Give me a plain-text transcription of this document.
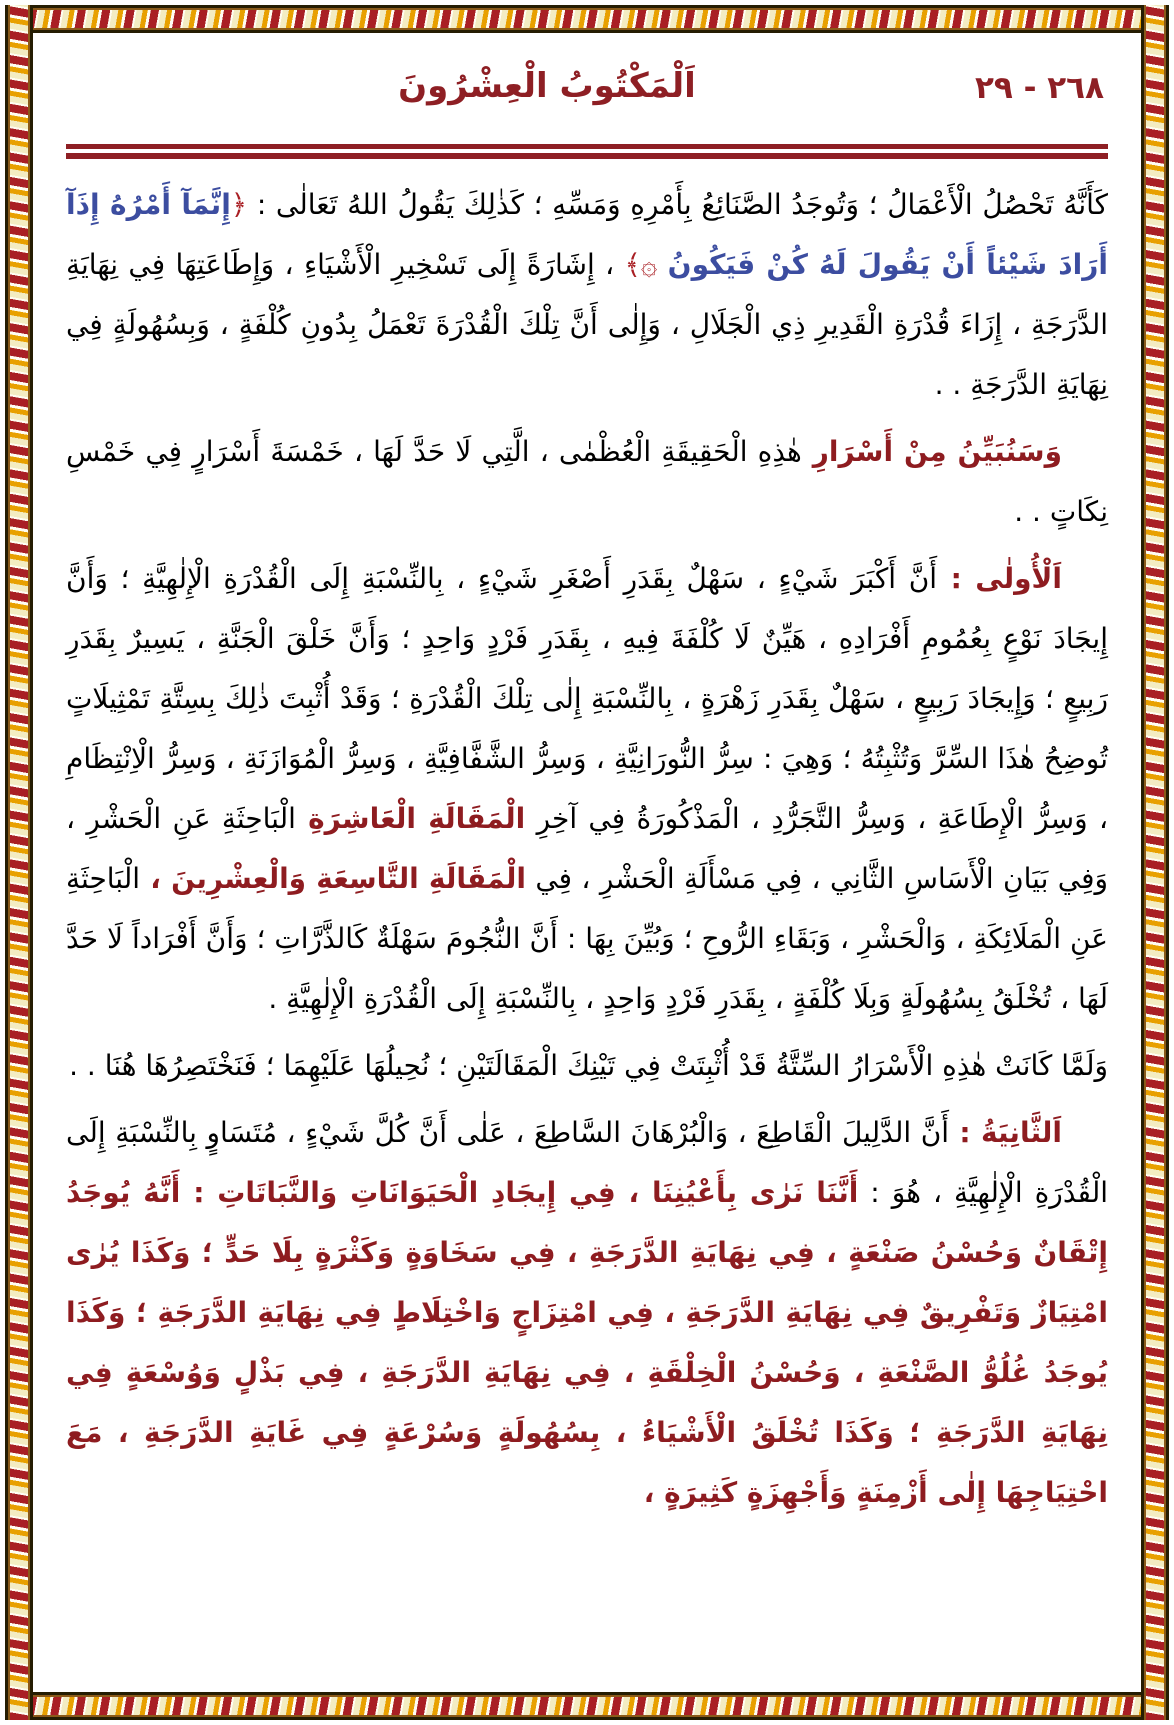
٢٦٨ - ٢٩
اَلْمَكْتُوبُ الْعِشْرُونَ

كَأَنَّهُ تَحْصُلُ الْأَعْمَالُ ؛ وَتُوجَدُ الصَّنَائِعُ بِأَمْرِهِ وَمَسِّهِ ؛ كَذٰلِكَ يَقُولُ اللهُ تَعَالٰى : ﴿إِنَّمَآ أَمْرُهُ إِذَآ أَرَادَ شَيْئاً أَنْ يَقُولَ لَهُ كُنْ فَيَكُونُ ۞﴾ ، إِشَارَةً إِلَى تَسْخِيرِ الْأَشْيَاءِ ، وَإِطَاعَتِهَا فِي نِهَايَةِ الدَّرَجَةِ ، إِزَاءَ قُدْرَةِ الْقَدِيرِ ذِي الْجَلَالِ ، وَإِلٰى أَنَّ تِلْكَ الْقُدْرَةَ تَعْمَلُ بِدُونِ كُلْفَةٍ ، وَبِسُهُولَةٍ فِي نِهَايَةِ الدَّرَجَةِ . .

وَسَنُبَيِّنُ مِنْ أَسْرَارِ هٰذِهِ الْحَقِيقَةِ الْعُظْمٰى ، الَّتِي لَا حَدَّ لَهَا ، خَمْسَةَ أَسْرَارٍ فِي خَمْسِ نِكَاتٍ . .

اَلْأُولٰى : أَنَّ أَكْبَرَ شَيْءٍ ، سَهْلٌ بِقَدَرِ أَصْغَرِ شَيْءٍ ، بِالنِّسْبَةِ إِلَى الْقُدْرَةِ الْإِلٰهِيَّةِ ؛ وَأَنَّ إِيجَادَ نَوْعٍ بِعُمُومِ أَفْرَادِهِ ، هَيِّنٌ لَا كُلْفَةَ فِيهِ ، بِقَدَرِ فَرْدٍ وَاحِدٍ ؛ وَأَنَّ خَلْقَ الْجَنَّةِ ، يَسِيرٌ بِقَدَرِ رَبِيعٍ ؛ وَإِيجَادَ رَبِيعٍ ، سَهْلٌ بِقَدَرِ زَهْرَةٍ ، بِالنِّسْبَةِ إِلٰى تِلْكَ الْقُدْرَةِ ؛ وَقَدْ أُثْبِتَ ذٰلِكَ بِسِتَّةِ تَمْثِيلَاتٍ تُوضِحُ هٰذَا السِّرَّ وَتُثْبِتُهُ ؛ وَهِيَ : سِرُّ النُّورَانِيَّةِ ، وَسِرُّ الشَّفَّافِيَّةِ ، وَسِرُّ الْمُوَازَنَةِ ، وَسِرُّ الْاِنْتِظَامِ ، وَسِرُّ الْإِطَاعَةِ ، وَسِرُّ التَّجَرُّدِ ، الْمَذْكُورَةُ فِي آخِرِ الْمَقَالَةِ الْعَاشِرَةِ الْبَاحِثَةِ عَنِ الْحَشْرِ ، وَفِي بَيَانِ الْأَسَاسِ الثَّانِي ، فِي مَسْأَلَةِ الْحَشْرِ ، فِي الْمَقَالَةِ التَّاسِعَةِ وَالْعِشْرِينَ ، الْبَاحِثَةِ عَنِ الْمَلَائِكَةِ ، وَالْحَشْرِ ، وَبَقَاءِ الرُّوحِ ؛ وَبُيِّنَ بِهَا : أَنَّ النُّجُومَ سَهْلَةٌ كَالذَّرَّاتِ ؛ وَأَنَّ أَفْرَاداً لَا حَدَّ لَهَا ، تُخْلَقُ بِسُهُولَةٍ وَبِلَا كُلْفَةٍ ، بِقَدَرِ فَرْدٍ وَاحِدٍ ، بِالنِّسْبَةِ إِلَى الْقُدْرَةِ الْإِلٰهِيَّةِ .

وَلَمَّا كَانَتْ هٰذِهِ الْأَسْرَارُ السِّتَّةُ قَدْ أُثْبِتَتْ فِي تَيْنِكَ الْمَقَالَتَيْنِ ؛ نُحِيلُهَا عَلَيْهِمَا ؛ فَنَخْتَصِرُهَا هُنَا . .

اَلثَّانِيَةُ : أَنَّ الدَّلِيلَ الْقَاطِعَ ، وَالْبُرْهَانَ السَّاطِعَ ، عَلٰى أَنَّ كُلَّ شَيْءٍ ، مُتَسَاوٍ بِالنِّسْبَةِ إِلَى الْقُدْرَةِ الْإِلٰهِيَّةِ ، هُوَ : أَنَّنَا نَرٰى بِأَعْيُنِنَا ، فِي إِيجَادِ الْحَيَوَانَاتِ وَالنَّبَاتَاتِ : أَنَّهُ يُوجَدُ إِتْقَانٌ وَحُسْنُ صَنْعَةٍ ، فِي نِهَايَةِ الدَّرَجَةِ ، فِي سَخَاوَةٍ وَكَثْرَةٍ بِلَا حَدٍّ ؛ وَكَذَا يُرٰى امْتِيَازٌ وَتَفْرِيقٌ فِي نِهَايَةِ الدَّرَجَةِ ، فِي امْتِزَاجٍ وَاخْتِلَاطٍ فِي نِهَايَةِ الدَّرَجَةِ ؛ وَكَذَا يُوجَدُ غُلُوُّ الصَّنْعَةِ ، وَحُسْنُ الْخِلْقَةِ ، فِي نِهَايَةِ الدَّرَجَةِ ، فِي بَذْلٍ وَوُسْعَةٍ فِي نِهَايَةِ الدَّرَجَةِ ؛ وَكَذَا تُخْلَقُ الْأَشْيَاءُ ، بِسُهُولَةٍ وَسُرْعَةٍ فِي غَايَةِ الدَّرَجَةِ ، مَعَ احْتِيَاجِهَا إِلٰى أَزْمِنَةٍ وَأَجْهِزَةٍ كَثِيرَةٍ ،
